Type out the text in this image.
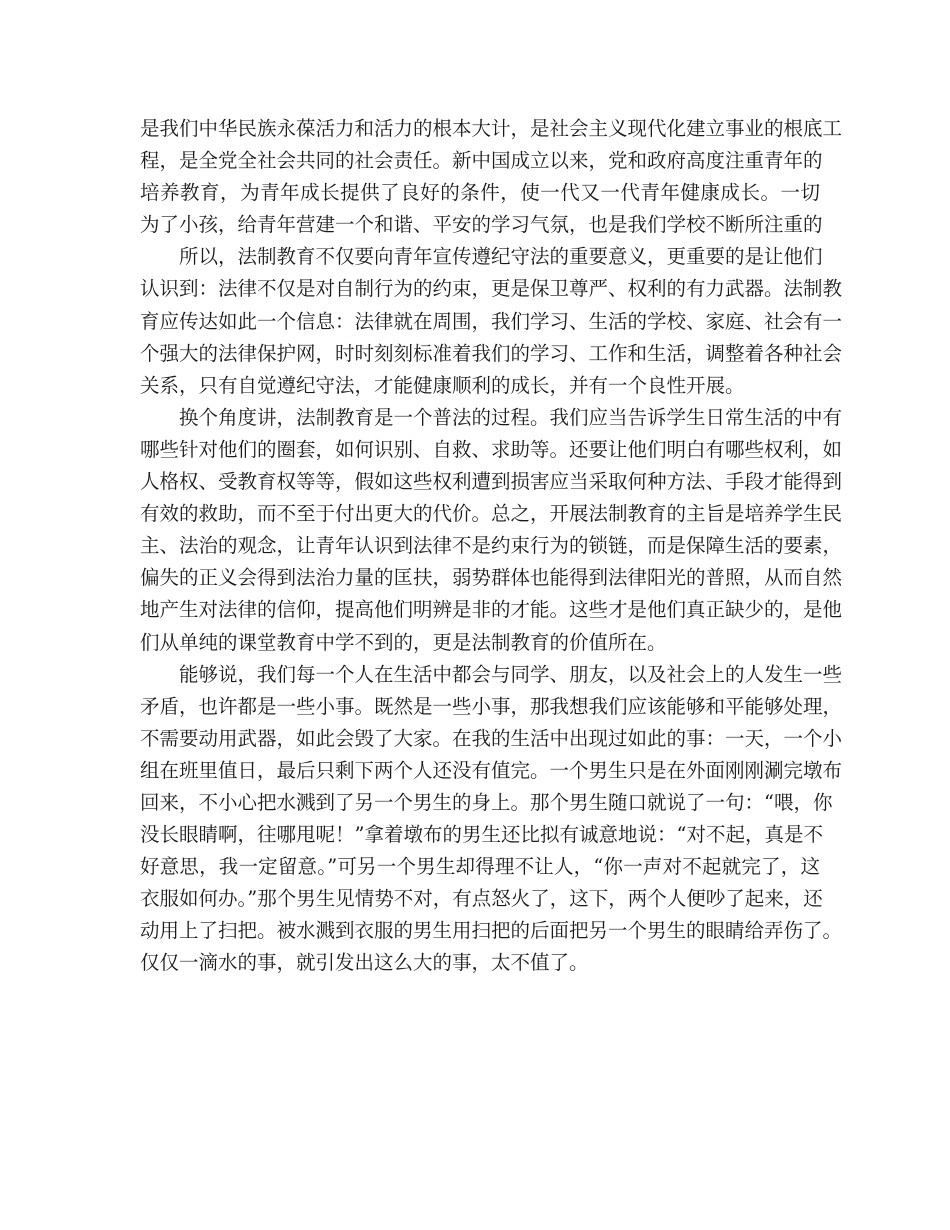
是我们中华民族永葆活力和活力的根本大计，是社会主义现代化建立事业的根底工
程，是全党全社会共同的社会责任。新中国成立以来，党和政府高度注重青年的
培养教育，为青年成长提供了良好的条件，使一代又一代青年健康成长。一切
为了小孩，给青年营建一个和谐、平安的学习气氛，也是我们学校不断所注重的
所以，法制教育不仅要向青年宣传遵纪守法的重要意义，更重要的是让他们
认识到：法律不仅是对自制行为的约束，更是保卫尊严、权利的有力武器。法制教
育应传达如此一个信息：法律就在周围，我们学习、生活的学校、家庭、社会有一
个强大的法律保护网，时时刻刻标准着我们的学习、工作和生活，调整着各种社会
关系，只有自觉遵纪守法，才能健康顺利的成长，并有一个良性开展。
换个角度讲，法制教育是一个普法的过程。我们应当告诉学生日常生活的中有
哪些针对他们的圈套，如何识别、自救、求助等。还要让他们明白有哪些权利，如
人格权、受教育权等等，假如这些权利遭到损害应当采取何种方法、手段才能得到
有效的救助，而不至于付出更大的代价。总之，开展法制教育的主旨是培养学生民
主、法治的观念，让青年认识到法律不是约束行为的锁链，而是保障生活的要素，
偏失的正义会得到法治力量的匡扶，弱势群体也能得到法律阳光的普照，从而自然
地产生对法律的信仰，提高他们明辨是非的才能。这些才是他们真正缺少的，是他
们从单纯的课堂教育中学不到的，更是法制教育的价值所在。
能够说，我们每一个人在生活中都会与同学、朋友，以及社会上的人发生一些
矛盾，也许都是一些小事。既然是一些小事，那我想我们应该能够和平能够处理，
不需要动用武器，如此会毁了大家。在我的生活中出现过如此的事：一天，一个小
组在班里值日，最后只剩下两个人还没有值完。一个男生只是在外面刚刚涮完墩布
回来，不小心把水溅到了另一个男生的身上。那个男生随口就说了一句：“喂，你
没长眼睛啊，往哪甩呢！”拿着墩布的男生还比拟有诚意地说：“对不起，真是不
好意思，我一定留意。”可另一个男生却得理不让人，“你一声对不起就完了，这
衣服如何办。”那个男生见情势不对，有点怒火了，这下，两个人便吵了起来，还
动用上了扫把。被水溅到衣服的男生用扫把的后面把另一个男生的眼睛给弄伤了。
仅仅一滴水的事，就引发出这么大的事，太不值了。
